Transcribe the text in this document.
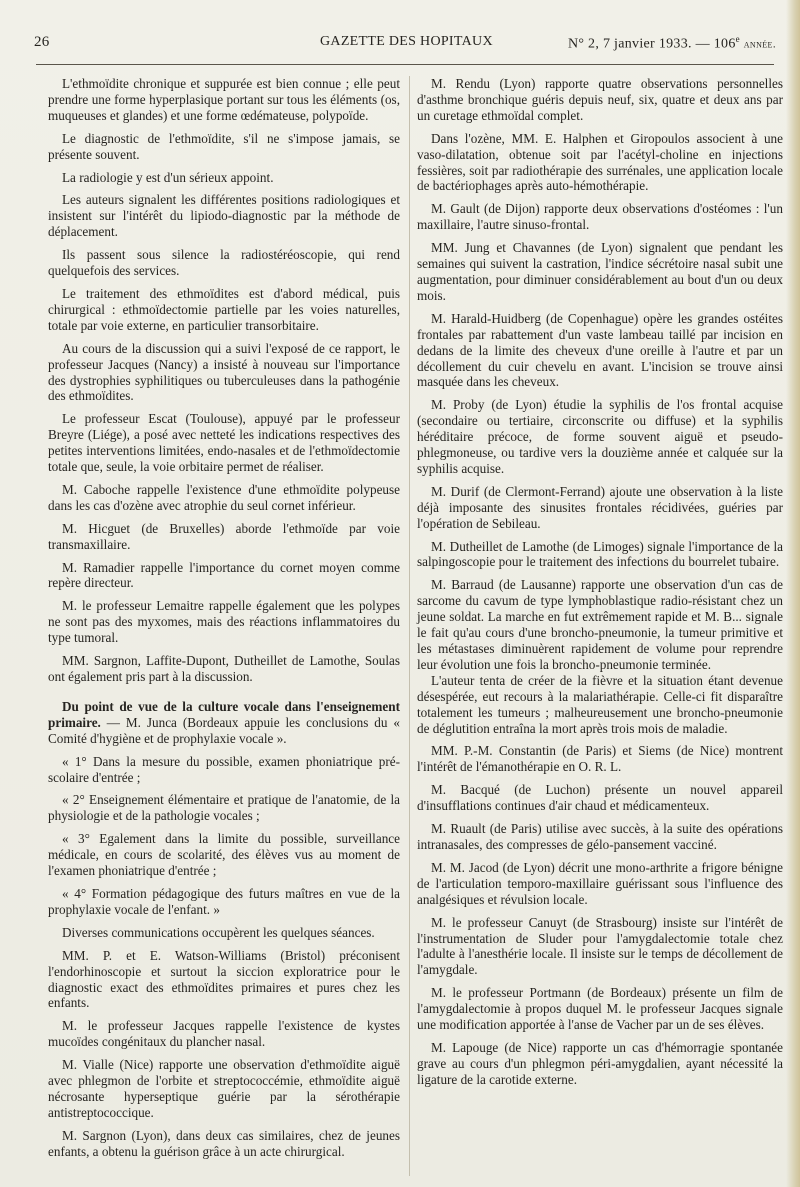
26	GAZETTE DES HOPITAUX	N° 2, 7 janvier 1933. — 106e année.

L'ethmoïdite chronique et suppurée est bien connue ; elle peut prendre une forme hyperplasique portant sur tous les éléments (os, muqueuses et glandes) et une forme œdémateuse, polypoïde.

Le diagnostic de l'ethmoïdite, s'il ne s'impose jamais, se présente souvent.

La radiologie y est d'un sérieux appoint.

Les auteurs signalent les différentes positions radiologiques et insistent sur l'intérêt du lipiodo-diagnostic par la méthode de déplacement.

Ils passent sous silence la radiostéréoscopie, qui rend quelquefois des services.

Le traitement des ethmoïdites est d'abord médical, puis chirurgical : ethmoïdectomie partielle par les voies naturelles, totale par voie externe, en particulier transorbitaire.

Au cours de la discussion qui a suivi l'exposé de ce rapport, le professeur Jacques (Nancy) a insisté à nouveau sur l'importance des dystrophies syphilitiques ou tuberculeuses dans la pathogénie des ethmoïdites.

Le professeur Escat (Toulouse), appuyé par le professeur Breyre (Liége), a posé avec netteté les indications respectives des petites interventions limitées, endo-nasales et de l'ethmoïdectomie totale que, seule, la voie orbitaire permet de réaliser.

M. Caboche rappelle l'existence d'une ethmoïdite polypeuse dans les cas d'ozène avec atrophie du seul cornet inférieur.

M. Hicguet (de Bruxelles) aborde l'ethmoïde par voie transmaxillaire.

M. Ramadier rappelle l'importance du cornet moyen comme repère directeur.

M. le professeur Lemaitre rappelle également que les polypes ne sont pas des myxomes, mais des réactions inflammatoires du type tumoral.

MM. Sargnon, Laffite-Dupont, Dutheillet de Lamothe, Soulas ont également pris part à la discussion.

Du point de vue de la culture vocale dans l'enseignement primaire. — M. Junca (Bordeaux appuie les conclusions du « Comité d'hygiène et de prophylaxie vocale ».

« 1° Dans la mesure du possible, examen phoniatrique pré-scolaire d'entrée ;

« 2° Enseignement élémentaire et pratique de l'anatomie, de la physiologie et de la pathologie vocales ;

« 3° Egalement dans la limite du possible, surveillance médicale, en cours de scolarité, des élèves vus au moment de l'examen phoniatrique d'entrée ;

« 4° Formation pédagogique des futurs maîtres en vue de la prophylaxie vocale de l'enfant. »

Diverses communications occupèrent les quelques séances.

MM. P. et E. Watson-Williams (Bristol) préconisent l'endorhinoscopie et surtout la siccion exploratrice pour le diagnostic exact des ethmoïdites primaires et pures chez les enfants.

M. le professeur Jacques rappelle l'existence de kystes mucoïdes congénitaux du plancher nasal.

M. Vialle (Nice) rapporte une observation d'ethmoïdite aiguë avec phlegmon de l'orbite et streptococcémie, ethmoïdite aiguë nécrosante hyperseptique guérie par la sérothérapie antistreptococcique.

M. Sargnon (Lyon), dans deux cas similaires, chez de jeunes enfants, a obtenu la guérison grâce à un acte chirurgical.

M. Rendu (Lyon) rapporte quatre observations personnelles d'asthme bronchique guéris depuis neuf, six, quatre et deux ans par un curetage ethmoïdal complet.

Dans l'ozène, MM. E. Halphen et Giropoulos associent à une vaso-dilatation, obtenue soit par l'acétyl-choline en injections fessières, soit par radiothérapie des surrénales, une application locale de bactériophages après auto-hémothérapie.

M. Gault (de Dijon) rapporte deux observations d'ostéomes : l'un maxillaire, l'autre sinuso-frontal.

MM. Jung et Chavannes (de Lyon) signalent que pendant les semaines qui suivent la castration, l'indice sécrétoire nasal subit une augmentation, pour diminuer considérablement au bout d'un ou deux mois.

M. Harald-Huidberg (de Copenhague) opère les grandes ostéites frontales par rabattement d'un vaste lambeau taillé par incision en dedans de la limite des cheveux d'une oreille à l'autre et par un décollement du cuir chevelu en avant. L'incision se trouve ainsi masquée dans les cheveux.

M. Proby (de Lyon) étudie la syphilis de l'os frontal acquise (secondaire ou tertiaire, circonscrite ou diffuse) et la syphilis héréditaire précoce, de forme souvent aiguë et pseudo-phlegmoneuse, ou tardive vers la douzième année et calquée sur la syphilis acquise.

M. Durif (de Clermont-Ferrand) ajoute une observation à la liste déjà imposante des sinusites frontales récidivées, guéries par l'opération de Sebileau.

M. Dutheillet de Lamothe (de Limoges) signale l'importance de la salpingoscopie pour le traitement des infections du bourrelet tubaire.

M. Barraud (de Lausanne) rapporte une observation d'un cas de sarcome du cavum de type lymphoblastique radio-résistant chez un jeune soldat. La marche en fut extrêmement rapide et M. B... signale le fait qu'au cours d'une broncho-pneumonie, la tumeur primitive et les métastases diminuèrent rapidement de volume pour reprendre leur évolution une fois la broncho-pneumonie terminée.

L'auteur tenta de créer de la fièvre et la situation étant devenue désespérée, eut recours à la malariathérapie. Celle-ci fit disparaître totalement les tumeurs ; malheureusement une broncho-pneumonie de déglutition entraîna la mort après trois mois de maladie.

MM. P.-M. Constantin (de Paris) et Siems (de Nice) montrent l'intérêt de l'émanothérapie en O. R. L.

M. Bacqué (de Luchon) présente un nouvel appareil d'insufflations continues d'air chaud et médicamenteux.

M. Ruault (de Paris) utilise avec succès, à la suite des opérations intranasales, des compresses de gélo-pansement vacciné.

M. M. Jacod (de Lyon) décrit une mono-arthrite a frigore bénigne de l'articulation temporo-maxillaire guérissant sous l'influence des analgésiques et révulsion locale.

M. le professeur Canuyt (de Strasbourg) insiste sur l'intérêt de l'instrumentation de Sluder pour l'amygdalectomie totale chez l'adulte à l'anesthérie locale. Il insiste sur le temps de décollement de l'amygdale.

M. le professeur Portmann (de Bordeaux) présente un film de l'amygdalectomie à propos duquel M. le professeur Jacques signale une modification apportée à l'anse de Vacher par un de ses élèves.

M. Lapouge (de Nice) rapporte un cas d'hémorragie spontanée grave au cours d'un phlegmon péri-amygdalien, ayant nécessité la ligature de la carotide externe.
